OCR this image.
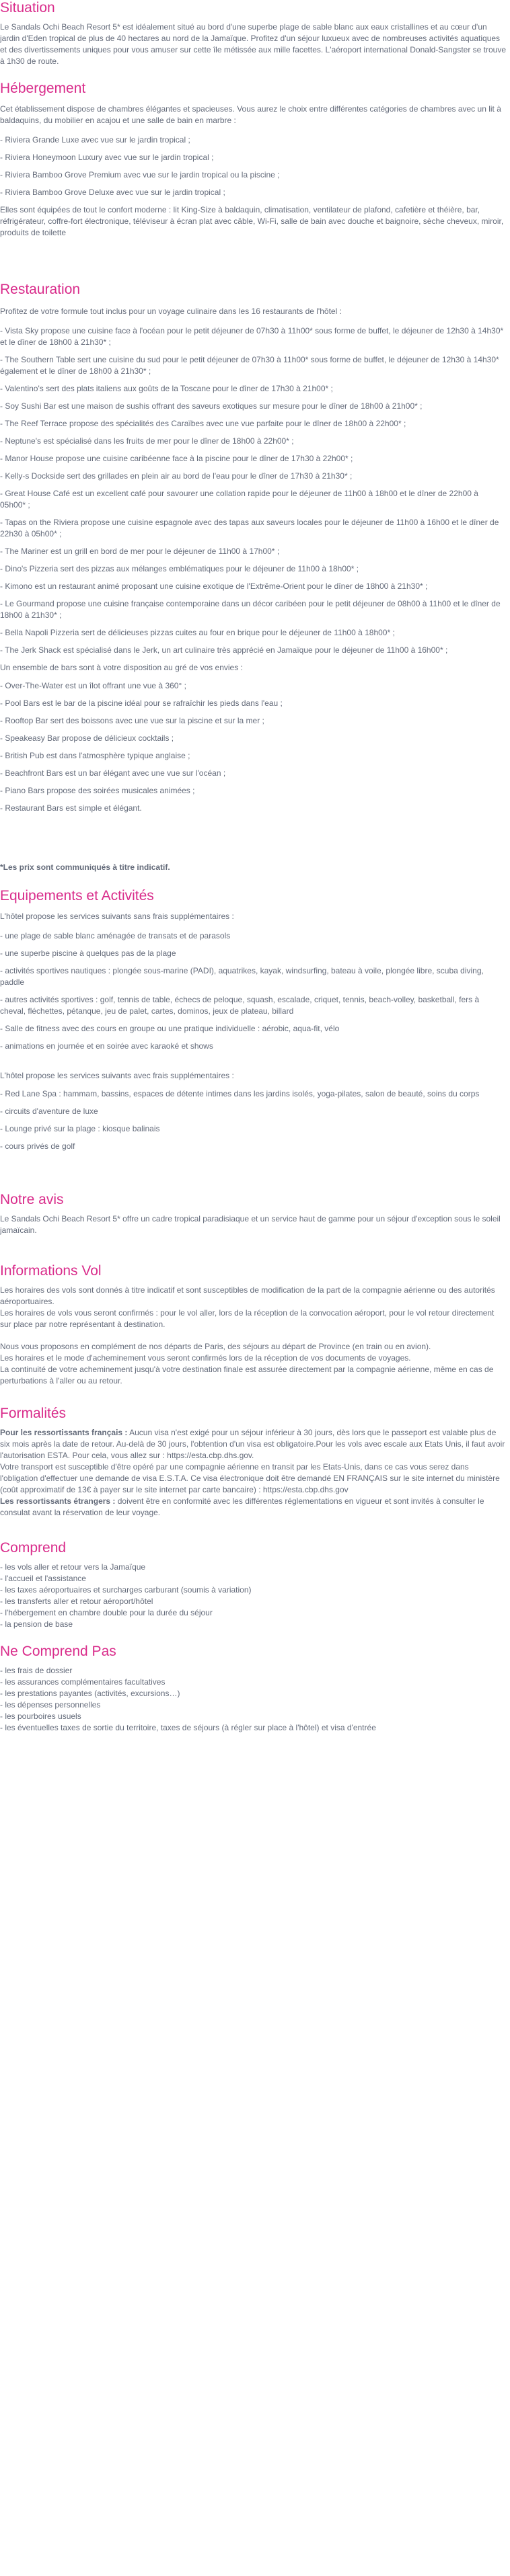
Situation

Le Sandals Ochi Beach Resort 5* est idéalement situé au bord d'une superbe plage de sable blanc aux eaux cristallines et au cœur d'un jardin d'Eden tropical de plus de 40 hectares au nord de la Jamaïque. Profitez d'un séjour luxueux avec de nombreuses activités aquatiques et des divertissements uniques pour vous amuser sur cette île métissée aux mille facettes. L'aéroport international Donald-Sangster se trouve à 1h30 de route.

Hébergement

Cet établissement dispose de chambres élégantes et spacieuses. Vous aurez le choix entre différentes catégories de chambres avec un lit à baldaquins, du mobilier en acajou et une salle de bain en marbre :

- Riviera Grande Luxe avec vue sur le jardin tropical ;

- Riviera Honeymoon Luxury avec vue sur le jardin tropical ;

- Riviera Bamboo Grove Premium avec vue sur le jardin tropical ou la piscine ;

- Riviera Bamboo Grove Deluxe avec vue sur le jardin tropical ;

Elles sont équipées de tout le confort moderne : lit King-Size à baldaquin, climatisation, ventilateur de plafond, cafetière et théière, bar, réfrigérateur, coffre-fort électronique, téléviseur à écran plat avec câble, Wi-Fi, salle de bain avec douche et baignoire, sèche cheveux, miroir, produits de toilette

Restauration

Profitez de votre formule tout inclus pour un voyage culinaire dans les 16 restaurants de l'hôtel :

- Vista Sky propose une cuisine face à l'océan pour le petit déjeuner de 07h30 à 11h00* sous forme de buffet, le déjeuner de 12h30 à 14h30* et le dîner de 18h00 à 21h30* ;

- The Southern Table sert une cuisine du sud pour le petit déjeuner de 07h30 à 11h00* sous forme de buffet, le déjeuner de 12h30 à 14h30* également et le dîner de 18h00 à 21h30* ;

- Valentino's sert des plats italiens aux goûts de la Toscane pour le dîner de 17h30 à 21h00* ;

- Soy Sushi Bar est une maison de sushis offrant des saveurs exotiques sur mesure pour le dîner de 18h00 à 21h00* ;

- The Reef Terrace propose des spécialités des Caraïbes avec une vue parfaite pour le dîner de 18h00 à 22h00* ;

- Neptune's est spécialisé dans les fruits de mer pour le dîner de 18h00 à 22h00* ;

- Manor House propose une cuisine caribéenne face à la piscine pour le dîner de 17h30 à 22h00* ;

- Kelly-s Dockside sert des grillades en plein air au bord de l'eau pour le dîner de 17h30 à 21h30* ;

- Great House Café est un excellent café pour savourer une collation rapide pour le déjeuner de 11h00 à 18h00 et le dîner de 22h00 à 05h00* ;

- Tapas on the Riviera propose une cuisine espagnole avec des tapas aux saveurs locales pour le déjeuner de 11h00 à 16h00 et le dîner de 22h30 à 05h00* ;

- The Mariner est un grill en bord de mer pour le déjeuner de 11h00 à 17h00* ;

- Dino's Pizzeria sert des pizzas aux mélanges emblématiques pour le déjeuner de 11h00 à 18h00* ;

- Kimono est un restaurant animé proposant une cuisine exotique de l'Extrême-Orient pour le dîner de 18h00 à 21h30* ;

- Le Gourmand propose une cuisine française contemporaine dans un décor caribéen pour le petit déjeuner de 08h00 à 11h00 et le dîner de 18h00 à 21h30* ;

- Bella Napoli Pizzeria sert de délicieuses pizzas cuites au four en brique pour le déjeuner de 11h00 à 18h00* ;

- The Jerk Shack est spécialisé dans le Jerk, un art culinaire très apprécié en Jamaïque pour le déjeuner de 11h00 à 16h00* ;

Un ensemble de bars sont à votre disposition au gré de vos envies :

- Over-The-Water est un îlot offrant une vue à 360° ;

- Pool Bars est le bar de la piscine idéal pour se rafraîchir les pieds dans l'eau ;

- Rooftop Bar sert des boissons avec une vue sur la piscine et sur la mer ;

- Speakeasy Bar propose de délicieux cocktails ;

- British Pub est dans l'atmosphère typique anglaise ;

- Beachfront Bars est un bar élégant avec une vue sur l'océan ;

- Piano Bars propose des soirées musicales animées ;

- Restaurant Bars est simple et élégant.

*Les prix sont communiqués à titre indicatif.

Equipements et Activités

L'hôtel propose les services suivants sans frais supplémentaires :

- une plage de sable blanc aménagée de transats et de parasols

- une superbe piscine à quelques pas de la plage

- activités sportives nautiques : plongée sous-marine (PADI), aquatrikes, kayak, windsurfing, bateau à voile, plongée libre, scuba diving, paddle

- autres activités sportives : golf, tennis de table, échecs de peloque, squash, escalade, criquet, tennis, beach-volley, basketball, fers à cheval, fléchettes, pétanque, jeu de palet, cartes, dominos, jeux de plateau, billard

- Salle de fitness avec des cours en groupe ou une pratique individuelle : aérobic, aqua-fit, vélo

- animations en journée et en soirée avec karaoké et shows

L'hôtel propose les services suivants avec frais supplémentaires :

- Red Lane Spa : hammam, bassins, espaces de détente intimes dans les jardins isolés, yoga-pilates, salon de beauté, soins du corps

- circuits d'aventure de luxe

- Lounge privé sur la plage : kiosque balinais

- cours privés de golf

Notre avis

Le Sandals Ochi Beach Resort 5* offre un cadre tropical paradisiaque et un service haut de gamme pour un séjour d'exception sous le soleil jamaïcain.

Informations Vol

Les horaires des vols sont donnés à titre indicatif et sont susceptibles de modification de la part de la compagnie aérienne ou des autorités aéroportuaires.

Les horaires de vols vous seront confirmés : pour le vol aller, lors de la réception de la convocation aéroport, pour le vol retour directement sur place par notre représentant à destination.

Nous vous proposons en complément de nos départs de Paris, des séjours au départ de Province (en train ou en avion).

Les horaires et le mode d'acheminement vous seront confirmés lors de la réception de vos documents de voyages.

La continuité de votre acheminement jusqu'à votre destination finale est assurée directement par la compagnie aérienne, même en cas de perturbations à l'aller ou au retour.

Formalités

Pour les ressortissants français : Aucun visa n'est exigé pour un séjour inférieur à 30 jours, dès lors que le passeport est valable plus de six mois après la date de retour. Au-delà de 30 jours, l'obtention d'un visa est obligatoire.Pour les vols avec escale aux Etats Unis, il faut avoir l'autorisation ESTA. Pour cela, vous allez sur : https://esta.cbp.dhs.gov.

Votre transport est susceptible d'être opéré par une compagnie aérienne en transit par les Etats-Unis, dans ce cas vous serez dans l'obligation d'effectuer une demande de visa E.S.T.A. Ce visa électronique doit être demandé EN FRANÇAIS sur le site internet du ministère (coût approximatif de 13€ à payer sur le site internet par carte bancaire) : https://esta.cbp.dhs.gov

Les ressortissants étrangers : doivent être en conformité avec les différentes réglementations en vigueur et sont invités à consulter le consulat avant la réservation de leur voyage.

Comprend

- les vols aller et retour vers la Jamaïque

- l'accueil et l'assistance

- les taxes aéroportuaires et surcharges carburant (soumis à variation)

- les transferts aller et retour aéroport/hôtel

- l'hébergement en chambre double pour la durée du séjour

- la pension de base

Ne Comprend Pas

- les frais de dossier

- les assurances complémentaires facultatives

- les prestations payantes (activités, excursions…)

- les dépenses personnelles

- les pourboires usuels

- les éventuelles taxes de sortie du territoire, taxes de séjours (à régler sur place à l'hôtel) et visa d'entrée
